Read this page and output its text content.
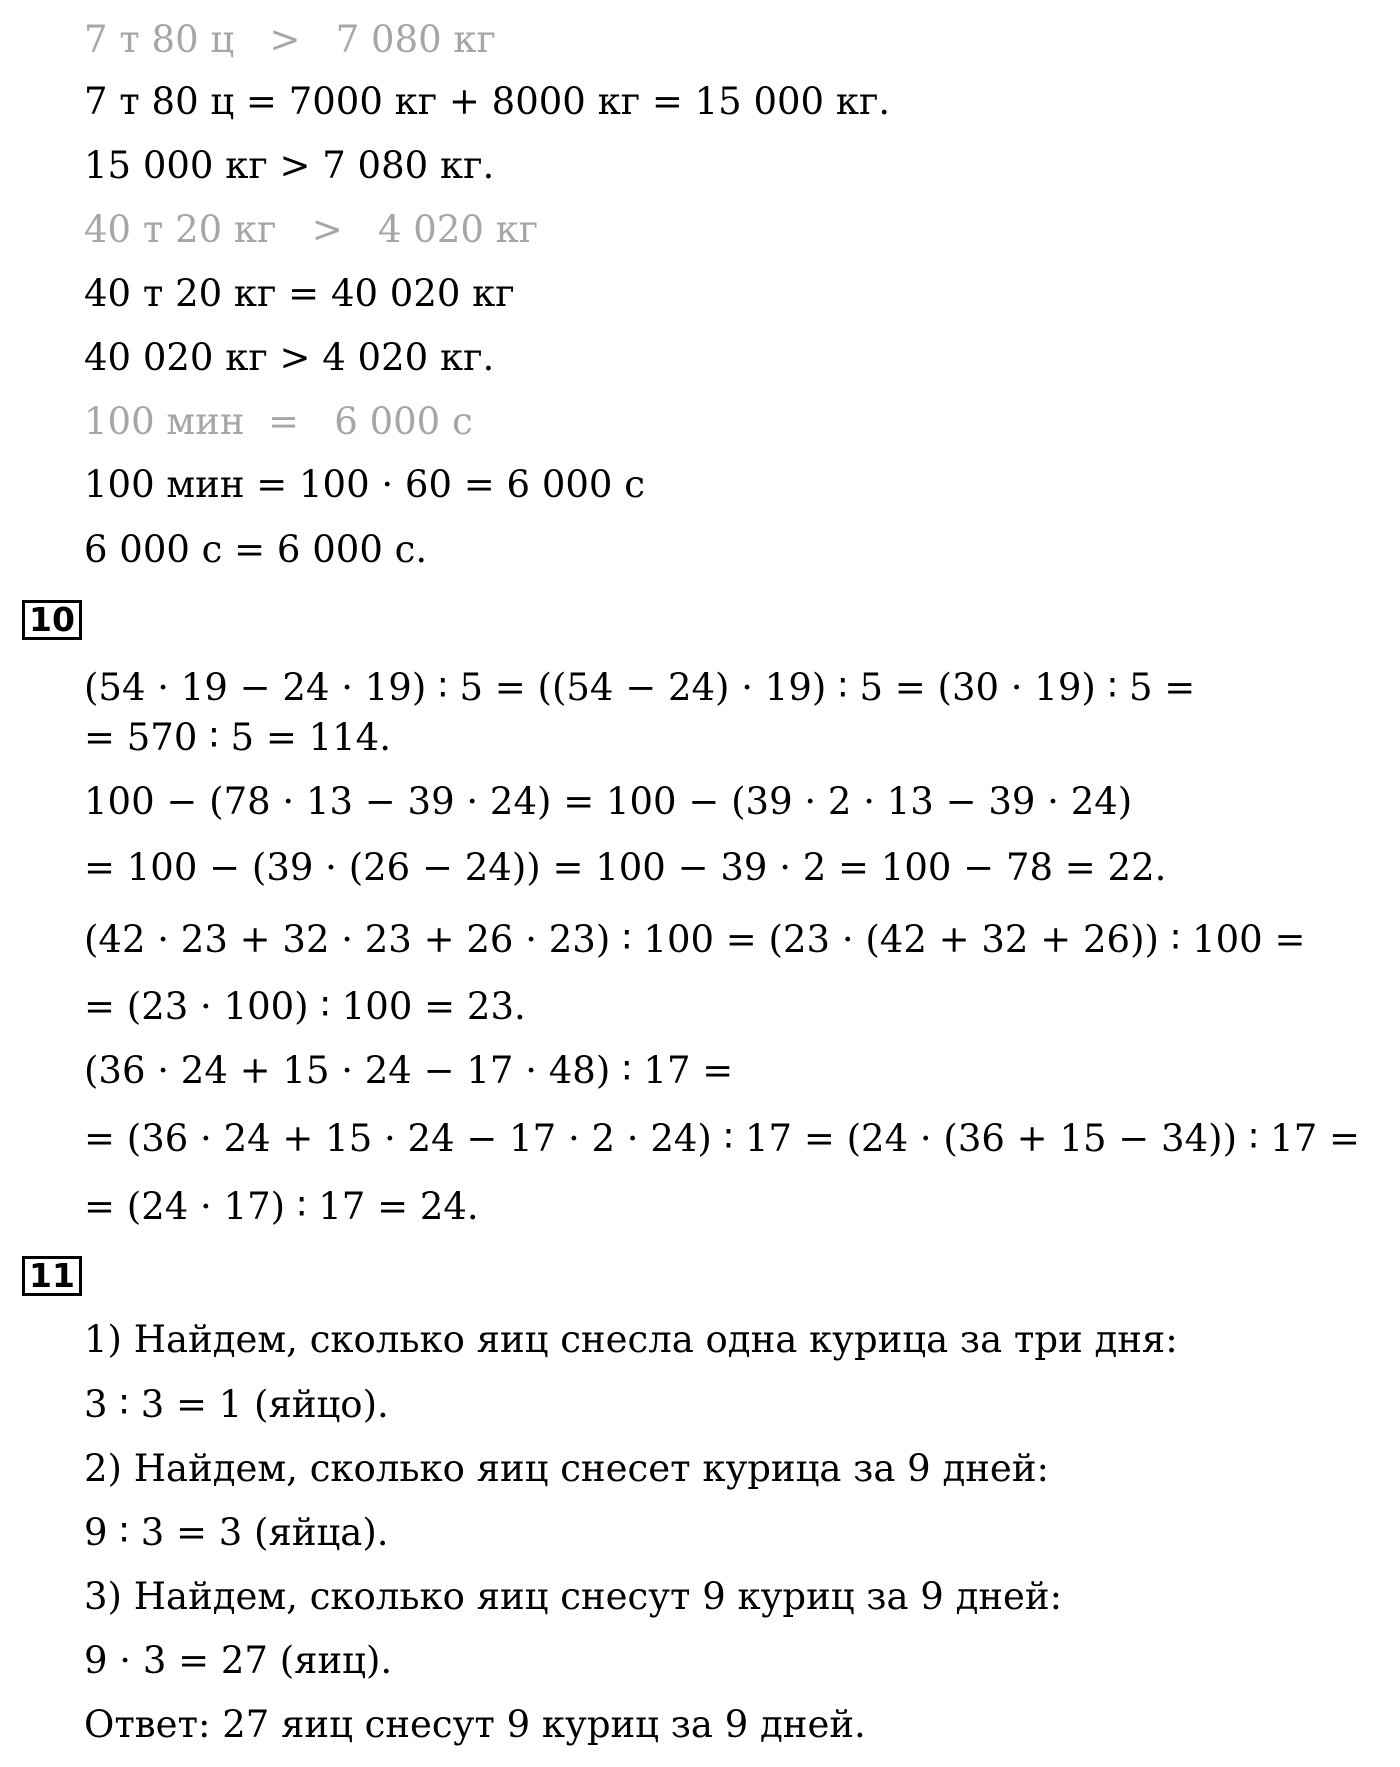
7 т 80 ц   >   7 080 кг

7 т 80 ц = 7000 кг + 8000 кг = 15 000 кг.

15 000 кг > 7 080 кг.

40 т 20 кг   >   4 020 кг

40 т 20 кг = 40 020 кг

40 020 кг > 4 020 кг.

100 мин  =   6 000 с

100 мин = 100 · 60 = 6 000 с

6 000 с = 6 000 с.

10

(54 · 19 − 24 · 19) ∶ 5 = ((54 − 24) · 19) ∶ 5 = (30 · 19) ∶ 5 =

= 570 ∶ 5 = 114.

100 − (78 · 13 − 39 · 24) = 100 − (39 · 2 · 13 − 39 · 24)

= 100 − (39 · (26 − 24)) = 100 − 39 · 2 = 100 − 78 = 22.

(42 · 23 + 32 · 23 + 26 · 23) ∶ 100 = (23 · (42 + 32 + 26)) ∶ 100 =

= (23 · 100) ∶ 100 = 23.

(36 · 24 + 15 · 24 − 17 · 48) ∶ 17 =

= (36 · 24 + 15 · 24 − 17 · 2 · 24) ∶ 17 = (24 · (36 + 15 − 34)) ∶ 17 =

= (24 · 17) ∶ 17 = 24.

11

1) Найдем, сколько яиц снесла одна курица за три дня:

3 ∶ 3 = 1 (яйцо).

2) Найдем, сколько яиц снесет курица за 9 дней:

9 ∶ 3 = 3 (яйца).

3) Найдем, сколько яиц снесут 9 куриц за 9 дней:

9 · 3 = 27 (яиц).

Ответ: 27 яиц снесут 9 куриц за 9 дней.
